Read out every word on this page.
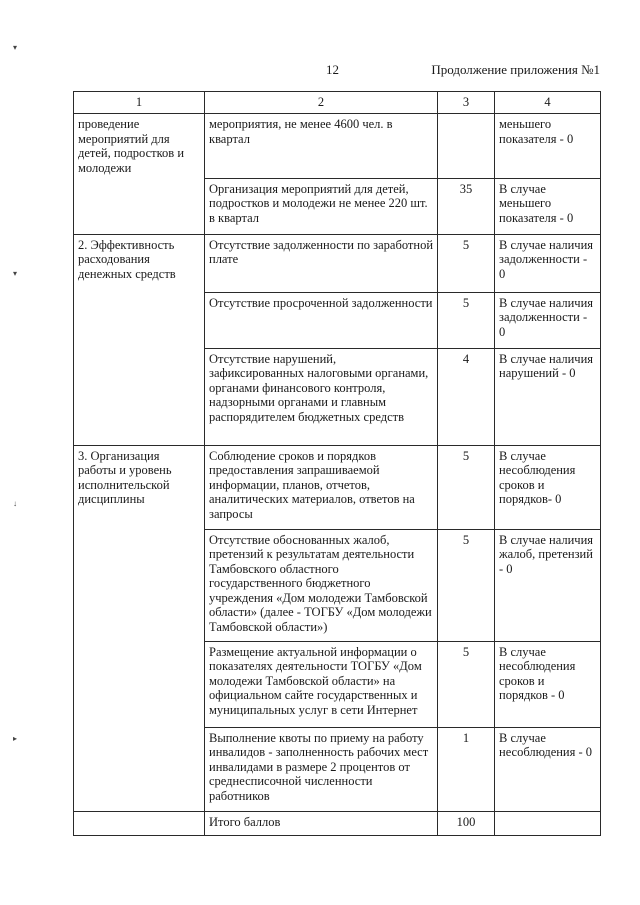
12	Продолжение приложения №1
▾
▾
↓
▸
1	2	3	4
проведение мероприятий для детей, подростков и молодежи	мероприятия, не менее 4600 чел. в квартал		меньшего показателя - 0
	Организация мероприятий для детей, подростков и молодежи не менее 220 шт. в квартал	35	В случае меньшего показателя - 0
2. Эффективность расходования денежных средств	Отсутствие задолженности по заработной плате	5	В случае наличия задолженности - 0
	Отсутствие просроченной задолженности	5	В случае наличия задолженности - 0
	Отсутствие нарушений, зафиксированных налоговыми органами, органами финансового контроля, надзорными органами и главным распорядителем бюджетных средств	4	В случае наличия нарушений - 0
3. Организация работы и уровень исполнительской дисциплины	Соблюдение сроков и порядков предоставления запрашиваемой информации, планов, отчетов, аналитических материалов, ответов на запросы	5	В случае несоблюдения сроков и порядков- 0
	Отсутствие обоснованных жалоб, претензий к результатам деятельности Тамбовского областного государственного бюджетного учреждения «Дом молодежи Тамбовской области» (далее - ТОГБУ «Дом молодежи Тамбовской области»)	5	В случае наличия жалоб, претензий - 0
	Размещение актуальной информации о показателях деятельности ТОГБУ «Дом молодежи Тамбовской области» на официальном сайте государственных и муниципальных услуг в сети Интернет	5	В случае несоблюдения сроков и порядков - 0
	Выполнение квоты по приему на работу инвалидов - заполненность рабочих мест инвалидами в размере 2 процентов от среднесписочной численности работников	1	В случае несоблюдения - 0
	Итого баллов	100	
